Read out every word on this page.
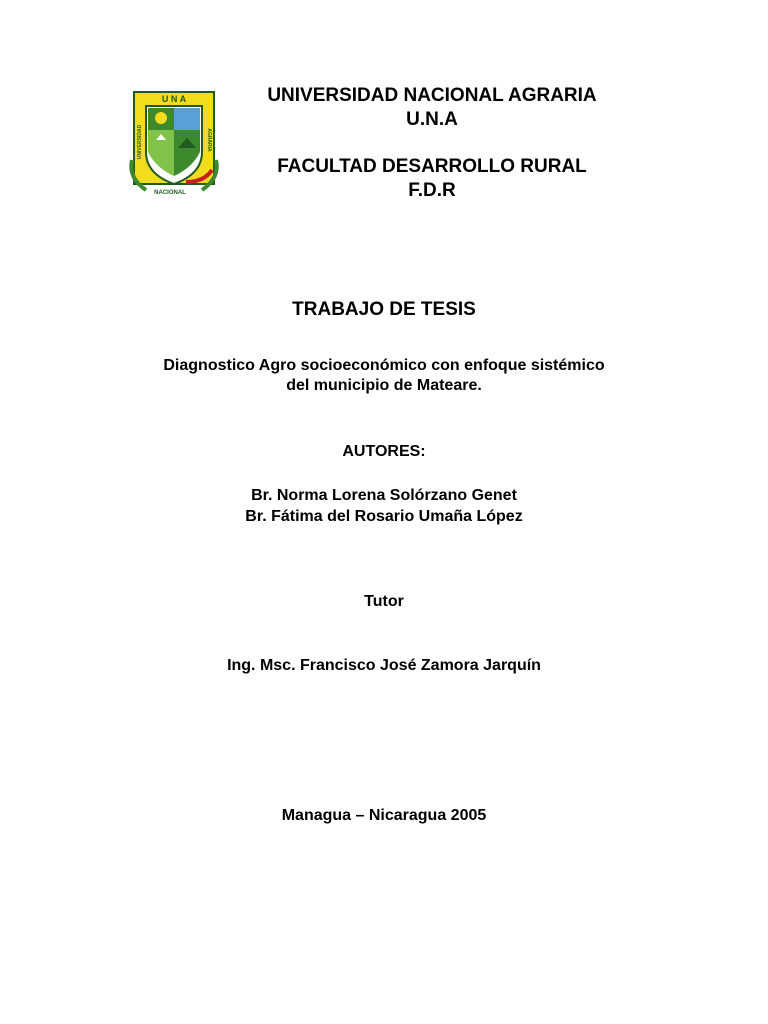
U N A
UNIVERSIDAD	AGRARIA
NACIONAL
UNIVERSIDAD NACIONAL AGRARIA
U.N.A
FACULTAD DESARROLLO RURAL
F.D.R
TRABAJO DE TESIS
Diagnostico Agro socioeconómico con enfoque sistémico
del municipio de Mateare.
AUTORES:
Br. Norma Lorena Solórzano Genet
Br. Fátima del Rosario Umaña López
Tutor
Ing. Msc. Francisco José Zamora Jarquín
Managua – Nicaragua 2005
